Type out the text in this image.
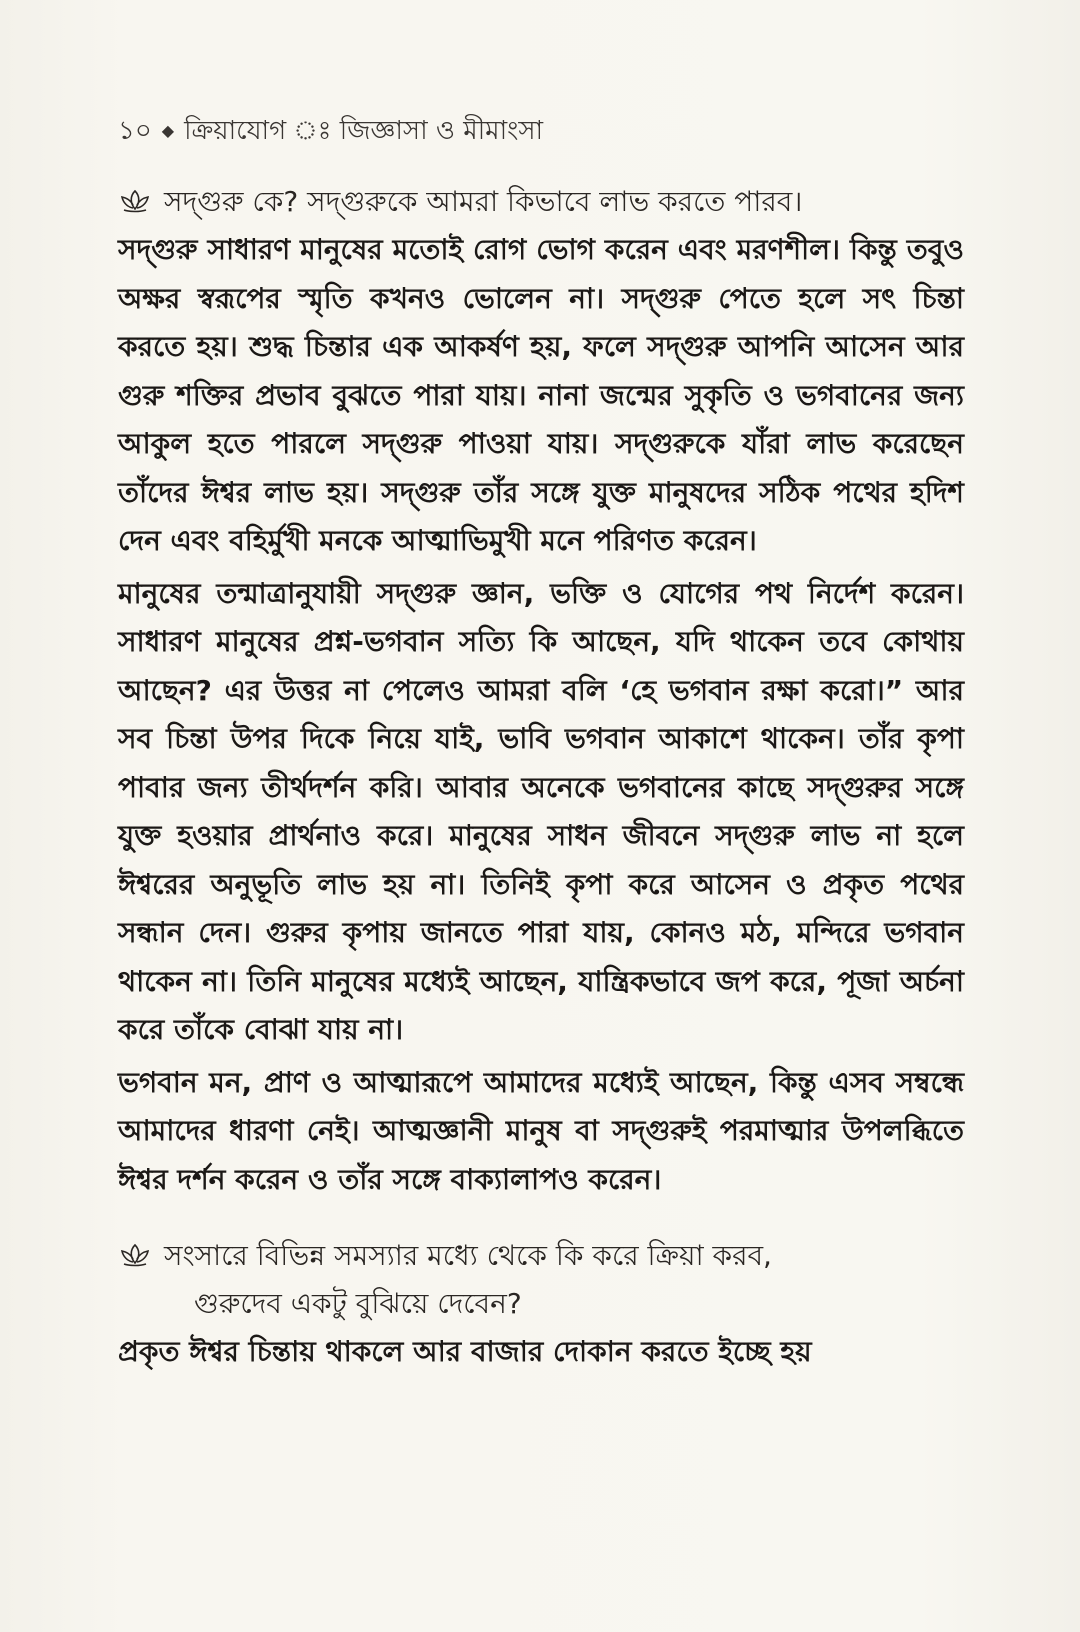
১০ ◆ ক্রিয়াযোগ ঃ জিজ্ঞাসা ও মীমাংসা
সদ্‌গুরু কে? সদ্‌গুরুকে আমরা কিভাবে লাভ করতে পারব।

সদ্‌গুরু সাধারণ মানুষের মতোই রোগ ভোগ করেন এবং মরণশীল। কিন্তু তবুও অক্ষর স্বরূপের স্মৃতি কখনও ভোলেন না। সদ্‌গুরু পেতে হলে সৎ চিন্তা করতে হয়। শুদ্ধ চিন্তার এক আকর্ষণ হয়, ফলে সদ্‌গুরু আপনি আসেন আর গুরু শক্তির প্রভাব বুঝতে পারা যায়। নানা জন্মের সুকৃতি ও ভগবানের জন্য আকুল হতে পারলে সদ্‌গুরু পাওয়া যায়। সদ্‌গুরুকে যাঁরা লাভ করেছেন তাঁদের ঈশ্বর লাভ হয়। সদ্‌গুরু তাঁর সঙ্গে যুক্ত মানুষদের সঠিক পথের হদিশ দেন এবং বহির্মুখী মনকে আত্মাভিমুখী মনে পরিণত করেন।

মানুষের তন্মাত্রানুযায়ী সদ্‌গুরু জ্ঞান, ভক্তি ও যোগের পথ নির্দেশ করেন। সাধারণ মানুষের প্রশ্ন-ভগবান সত্যি কি আছেন, যদি থাকেন তবে কোথায় আছেন? এর উত্তর না পেলেও আমরা বলি ‘হে ভগবান রক্ষা করো।” আর সব চিন্তা উপর দিকে নিয়ে যাই, ভাবি ভগবান আকাশে থাকেন। তাঁর কৃপা পাবার জন্য তীর্থদর্শন করি। আবার অনেকে ভগবানের কাছে সদ্‌গুরুর সঙ্গে যুক্ত হওয়ার প্রার্থনাও করে। মানুষের সাধন জীবনে সদ্‌গুরু লাভ না হলে ঈশ্বরের অনুভূতি লাভ হয় না। তিনিই কৃপা করে আসেন ও প্রকৃত পথের সন্ধান দেন। গুরুর কৃপায় জানতে পারা যায়, কোনও মঠ, মন্দিরে ভগবান থাকেন না। তিনি মানুষের মধ্যেই আছেন, যান্ত্রিকভাবে জপ করে, পূজা অর্চনা করে তাঁকে বোঝা যায় না।

ভগবান মন, প্রাণ ও আত্মারূপে আমাদের মধ্যেই আছেন, কিন্তু এসব সম্বন্ধে আমাদের ধারণা নেই। আত্মজ্ঞানী মানুষ বা সদ্‌গুরুই পরমাত্মার উপলব্ধিতে ঈশ্বর দর্শন করেন ও তাঁর সঙ্গে বাক্যালাপও করেন।

সংসারে বিভিন্ন সমস্যার মধ্যে থেকে কি করে ক্রিয়া করব,
গুরুদেব একটু বুঝিয়ে দেবেন?

প্রকৃত ঈশ্বর চিন্তায় থাকলে আর বাজার দোকান করতে ইচ্ছে হয়
